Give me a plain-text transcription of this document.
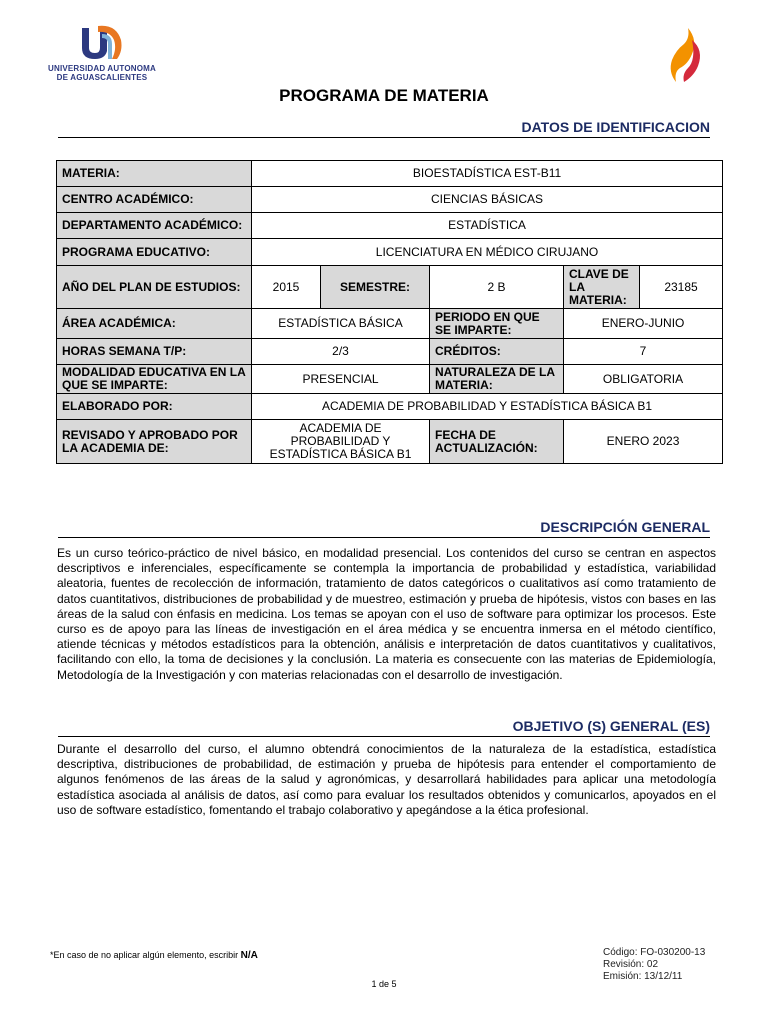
UNIVERSIDAD AUTONOMA
DE AGUASCALIENTES
PROGRAMA DE MATERIA
DATOS DE IDENTIFICACION
MATERIA:	BIOESTADÍSTICA EST-B11				
CENTRO ACADÉMICO:	CIENCIAS BÁSICAS				
DEPARTAMENTO ACADÉMICO:	ESTADÍSTICA				
PROGRAMA EDUCATIVO:	LICENCIATURA EN MÉDICO CIRUJANO				
AÑO DEL PLAN DE ESTUDIOS:	2015	SEMESTRE:	2 B	CLAVE DE LA MATERIA:	23185
ÁREA ACADÉMICA:	ESTADÍSTICA BÁSICA		PERIODO EN QUE SE IMPARTE:	ENERO-JUNIO	
HORAS SEMANA T/P:	2/3		CRÉDITOS:	7	
MODALIDAD EDUCATIVA EN LA QUE SE IMPARTE:	PRESENCIAL		NATURALEZA DE LA MATERIA:	OBLIGATORIA	
ELABORADO POR:	ACADEMIA DE PROBABILIDAD Y ESTADÍSTICA BÁSICA B1				
REVISADO Y APROBADO POR LA ACADEMIA DE:	ACADEMIA DE PROBABILIDAD Y ESTADÍSTICA BÁSICA B1		FECHA DE ACTUALIZACIÓN:	ENERO 2023	
DESCRIPCIÓN GENERAL
Es un curso teórico-práctico de nivel básico, en modalidad presencial. Los contenidos del curso se centran en aspectos descriptivos e inferenciales, específicamente se contempla la importancia de probabilidad y estadística, variabilidad aleatoria, fuentes de recolección de información, tratamiento de datos categóricos o cualitativos así como tratamiento de datos cuantitativos, distribuciones de probabilidad y de muestreo, estimación y prueba de hipótesis, vistos con bases en las áreas de la salud con énfasis en medicina. Los temas se apoyan con el uso de software para optimizar los procesos. Este curso es de apoyo para las líneas de investigación en el área médica y se encuentra inmersa en el método científico, atiende técnicas y métodos estadísticos para la obtención, análisis e interpretación de datos cuantitativos y cualitativos, facilitando con ello, la toma de decisiones y la conclusión. La materia es consecuente con las materias de Epidemiología, Metodología de la Investigación y con materias relacionadas con el desarrollo de investigación.
OBJETIVO (S) GENERAL (ES)
Durante el desarrollo del curso, el alumno obtendrá conocimientos de la naturaleza de la estadística, estadística descriptiva, distribuciones de probabilidad, de estimación y prueba de hipótesis para entender el comportamiento de algunos fenómenos de las áreas de la salud y agronómicas, y desarrollará habilidades para aplicar una metodología estadística asociada al análisis de datos, así como para evaluar los resultados obtenidos y comunicarlos, apoyados en el uso de software estadístico, fomentando el trabajo colaborativo y apegándose a la ética profesional.
*En caso de no aplicar algún elemento, escribir N/A
1 de 5
Código: FO-030200-13
Revisión: 02
Emisión: 13/12/11
